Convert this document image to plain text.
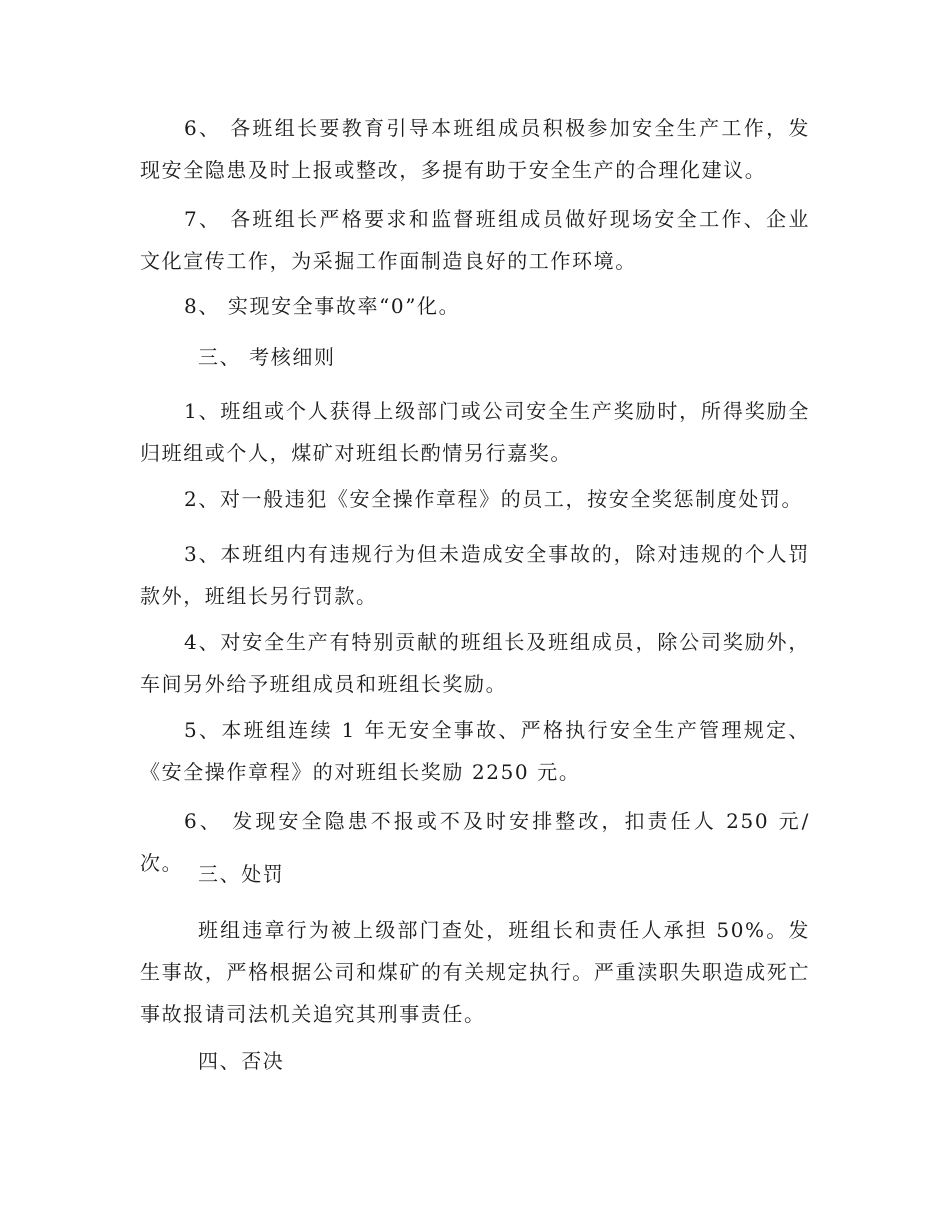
6、 各班组长要教育引导本班组成员积极参加安全生产工作，发现安全隐患及时上报或整改，多提有助于安全生产的合理化建议。

7、 各班组长严格要求和监督班组成员做好现场安全工作、企业文化宣传工作，为采掘工作面制造良好的工作环境。

8、 实现安全事故率“0”化。

三、 考核细则

1、班组或个人获得上级部门或公司安全生产奖励时，所得奖励全归班组或个人，煤矿对班组长酌情另行嘉奖。

2、对一般违犯《安全操作章程》的员工，按安全奖惩制度处罚。

3、本班组内有违规行为但未造成安全事故的，除对违规的个人罚款外，班组长另行罚款。

4、对安全生产有特别贡献的班组长及班组成员，除公司奖励外，车间另外给予班组成员和班组长奖励。

5、本班组连续 1 年无安全事故、严格执行安全生产管理规定、《安全操作章程》的对班组长奖励 2250 元。

6、 发现安全隐患不报或不及时安排整改，扣责任人 250 元/次。 三、处罚

班组违章行为被上级部门查处，班组长和责任人承担 50%。发生事故，严格根据公司和煤矿的有关规定执行。严重渎职失职造成死亡事故报请司法机关追究其刑事责任。

四、否决
